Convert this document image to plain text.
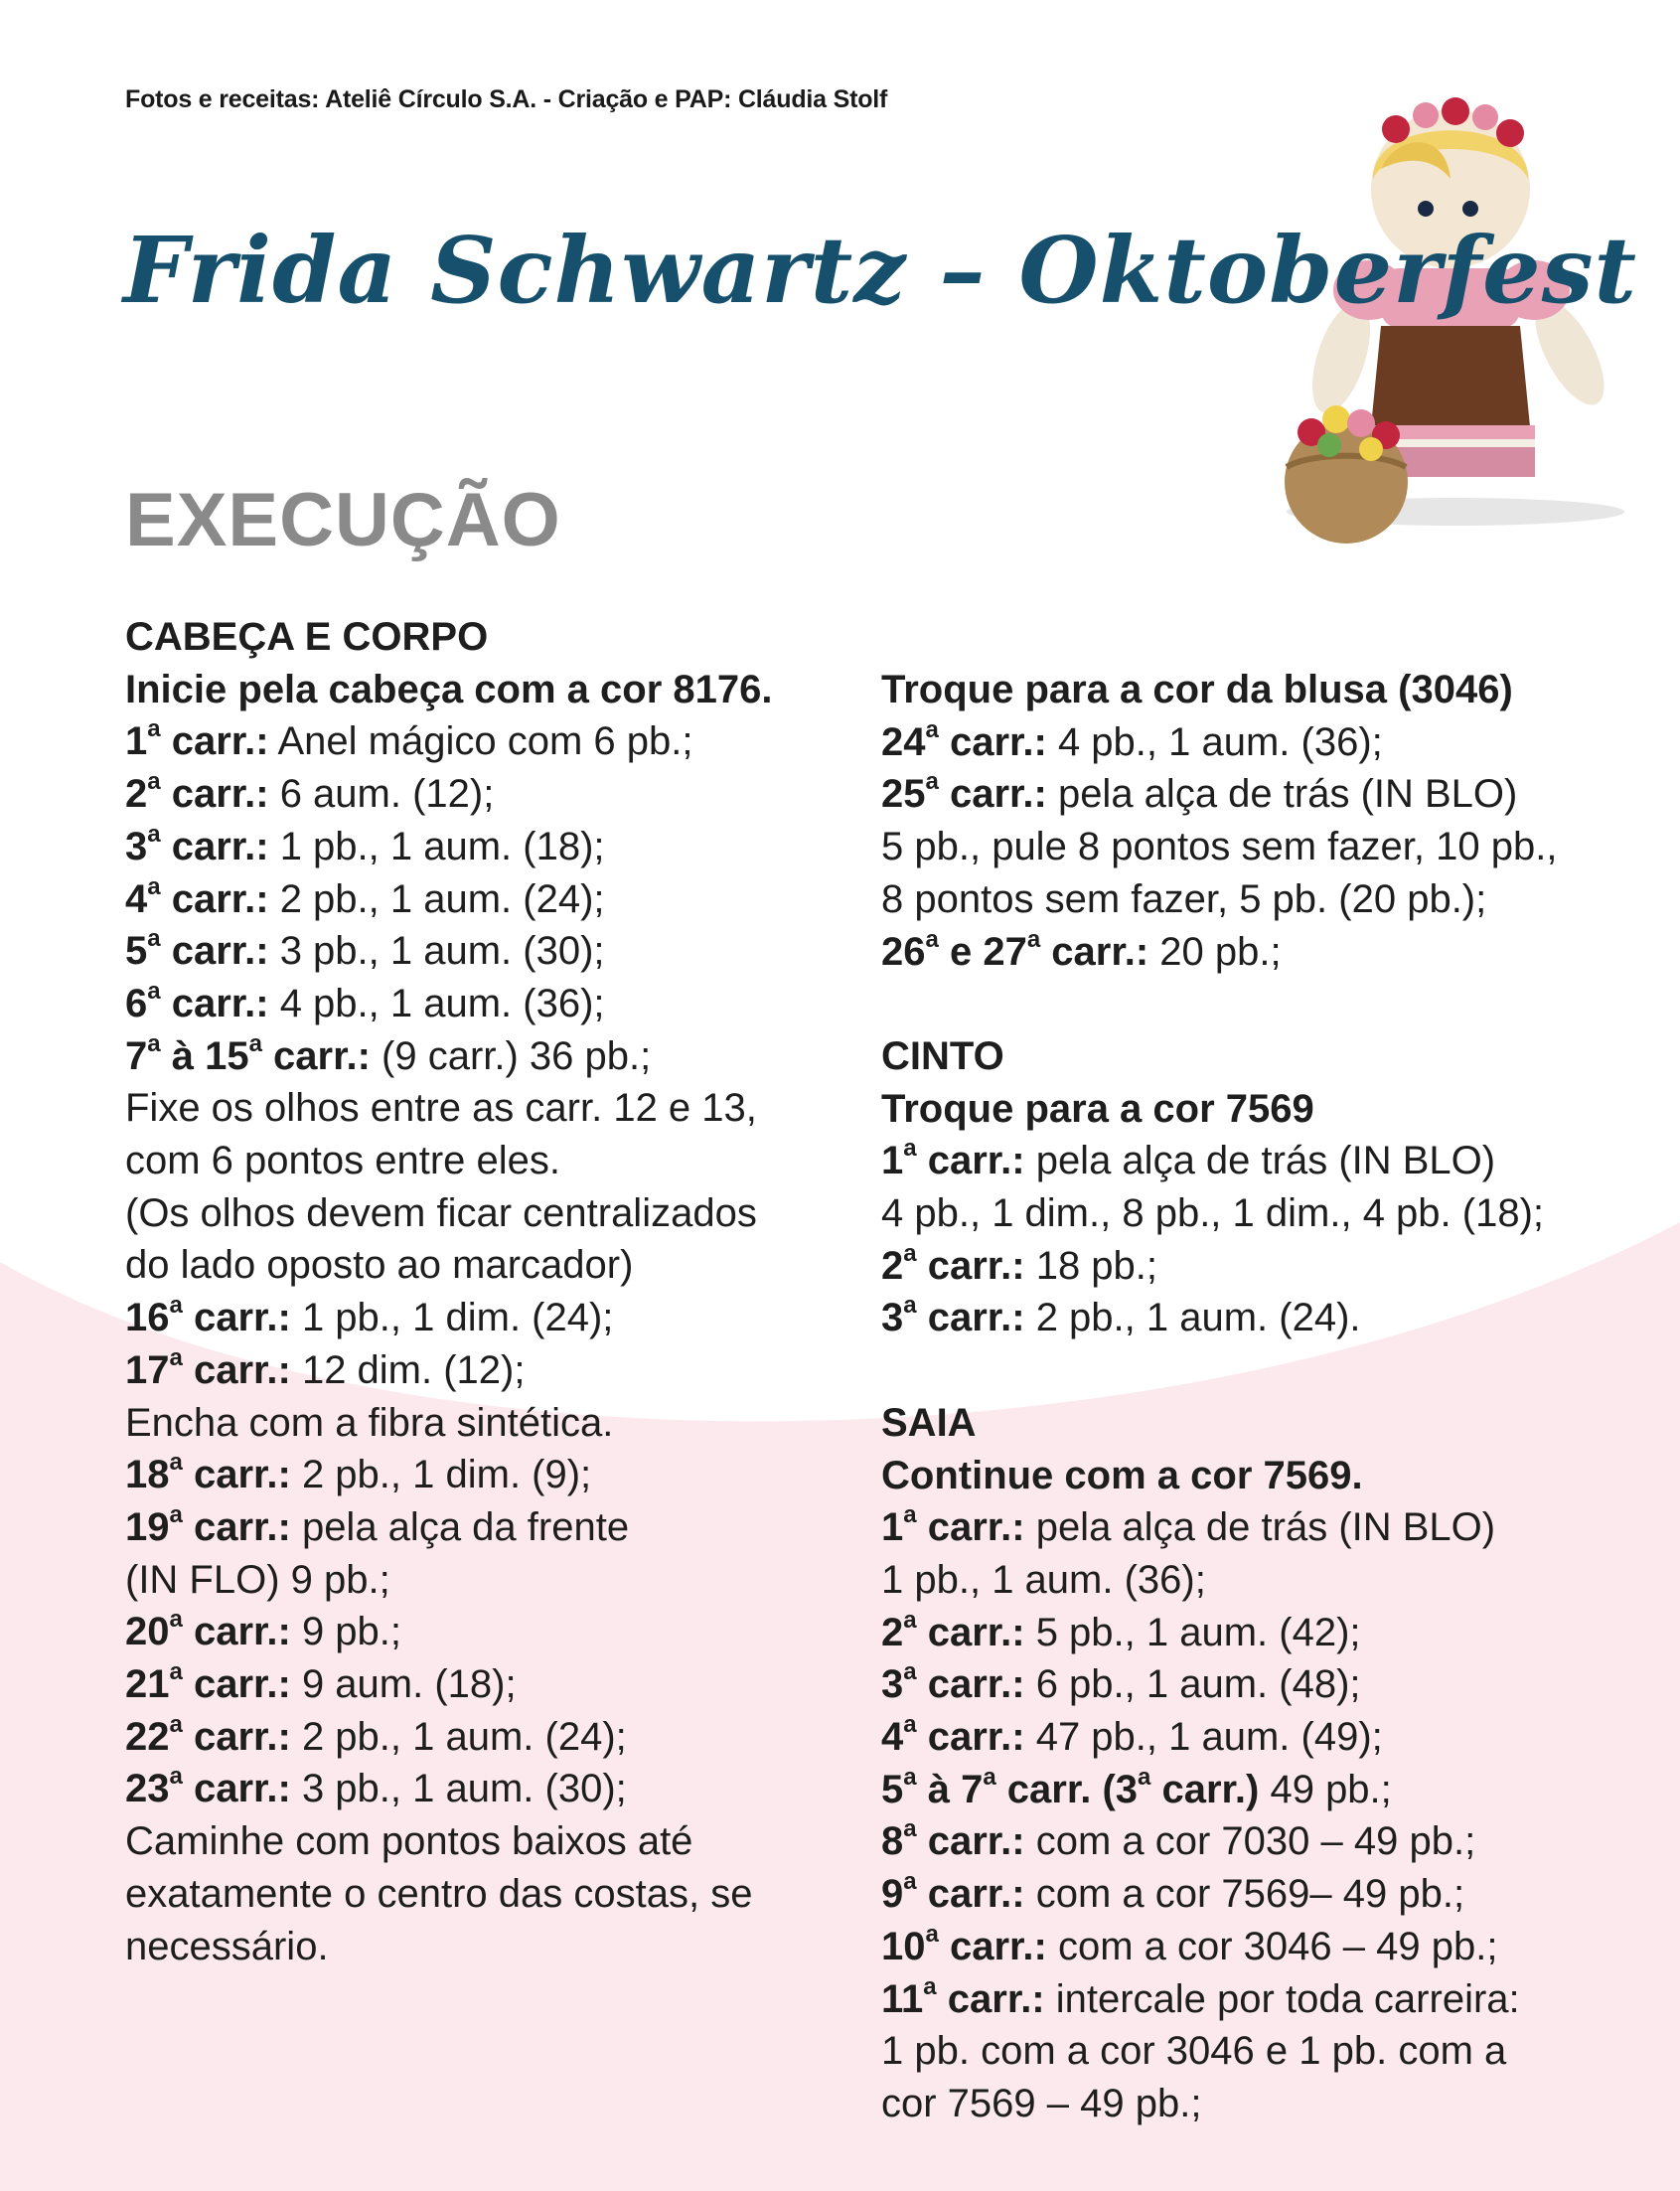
Fotos e receitas: Ateliê Círculo S.A. - Criação e PAP: Cláudia Stolf
Frida Schwartz – Oktoberfest
EXECUÇÃO
CABEÇA E CORPO
Inicie pela cabeça com a cor 8176.
1$^a$ carr.: Anel mágico com 6 pb.;
2$^a$ carr.: 6 aum. (12);
3$^a$ carr.: 1 pb., 1 aum. (18);
4$^a$ carr.: 2 pb., 1 aum. (24);
5$^a$ carr.: 3 pb., 1 aum. (30);
6$^a$ carr.: 4 pb., 1 aum. (36);
7$^a$ à 15$^a$ carr.: (9 carr.) 36 pb.;
Fixe os olhos entre as carr. 12 e 13,
com 6 pontos entre eles.
(Os olhos devem ficar centralizados
do lado oposto ao marcador)
16$^a$ carr.: 1 pb., 1 dim. (24);
17$^a$ carr.: 12 dim. (12);
Encha com a fibra sintética.
18$^a$ carr.: 2 pb., 1 dim. (9);
19$^a$ carr.: pela alça da frente
(IN FLO) 9 pb.;
20$^a$ carr.: 9 pb.;
21$^a$ carr.: 9 aum. (18);
22$^a$ carr.: 2 pb., 1 aum. (24);
23$^a$ carr.: 3 pb., 1 aum. (30);
Caminhe com pontos baixos até
exatamente o centro das costas, se
necessário.
Troque para a cor da blusa (3046)
24$^a$ carr.: 4 pb., 1 aum. (36);
25$^a$ carr.: pela alça de trás (IN BLO)
5 pb., pule 8 pontos sem fazer, 10 pb.,
8 pontos sem fazer, 5 pb. (20 pb.);
26$^a$ e 27$^a$ carr.: 20 pb.;
CINTO
Troque para a cor 7569
1$^a$ carr.: pela alça de trás (IN BLO)
4 pb., 1 dim., 8 pb., 1 dim., 4 pb. (18);
2$^a$ carr.: 18 pb.;
3$^a$ carr.: 2 pb., 1 aum. (24).
SAIA
Continue com a cor 7569.
1$^a$ carr.: pela alça de trás (IN BLO)
1 pb., 1 aum. (36);
2$^a$ carr.: 5 pb., 1 aum. (42);
3$^a$ carr.: 6 pb., 1 aum. (48);
4$^a$ carr.: 47 pb., 1 aum. (49);
5$^a$ à 7$^a$ carr. (3$^a$ carr.) 49 pb.;
8$^a$ carr.: com a cor 7030 – 49 pb.;
9$^a$ carr.: com a cor 7569– 49 pb.;
10$^a$ carr.: com a cor 3046 – 49 pb.;
11$^a$ carr.: intercale por toda carreira:
1 pb. com a cor 3046 e 1 pb. com a
cor 7569 – 49 pb.;
